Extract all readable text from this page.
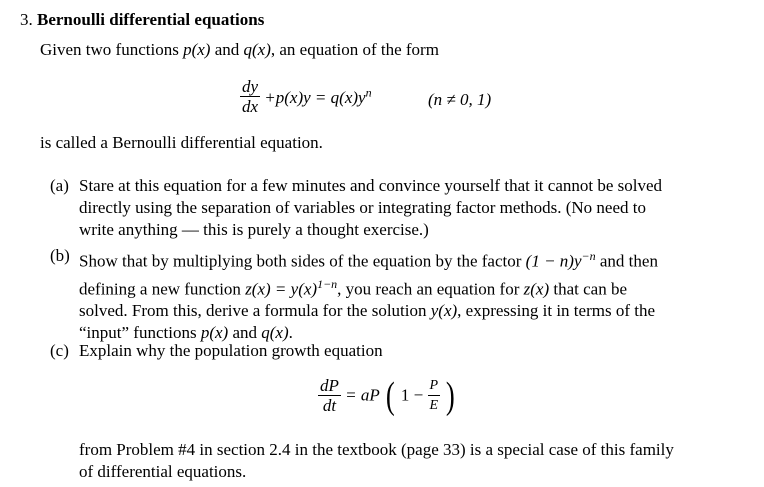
3. Bernoulli differential equations
Given two functions p(x) and q(x), an equation of the form
$\frac{dy}{dx} +p(x)y = q(x)y^n$	(n ≠ 0, 1)
is called a Bernoulli differential equation.
(a) Stare at this equation for a few minutes and convince yourself that it cannot be solved
directly using the separation of variables or integrating factor methods. (No need to
write anything — this is purely a thought exercise.)
(b) Show that by multiplying both sides of the equation by the factor $(1 - n)y^{-n}$ and then
defining a new function $z(x) = y(x)^{1-n}$, you reach an equation for z(x) that can be
solved. From this, derive a formula for the solution y(x), expressing it in terms of the
“input” functions p(x) and q(x).
(c) Explain why the population growth equation
$\frac{dP}{dt}$ = aP ( $1 - \frac{P}{E}$ )
from Problem #4 in section 2.4 in the textbook (page 33) is a special case of this family
of differential equations.
